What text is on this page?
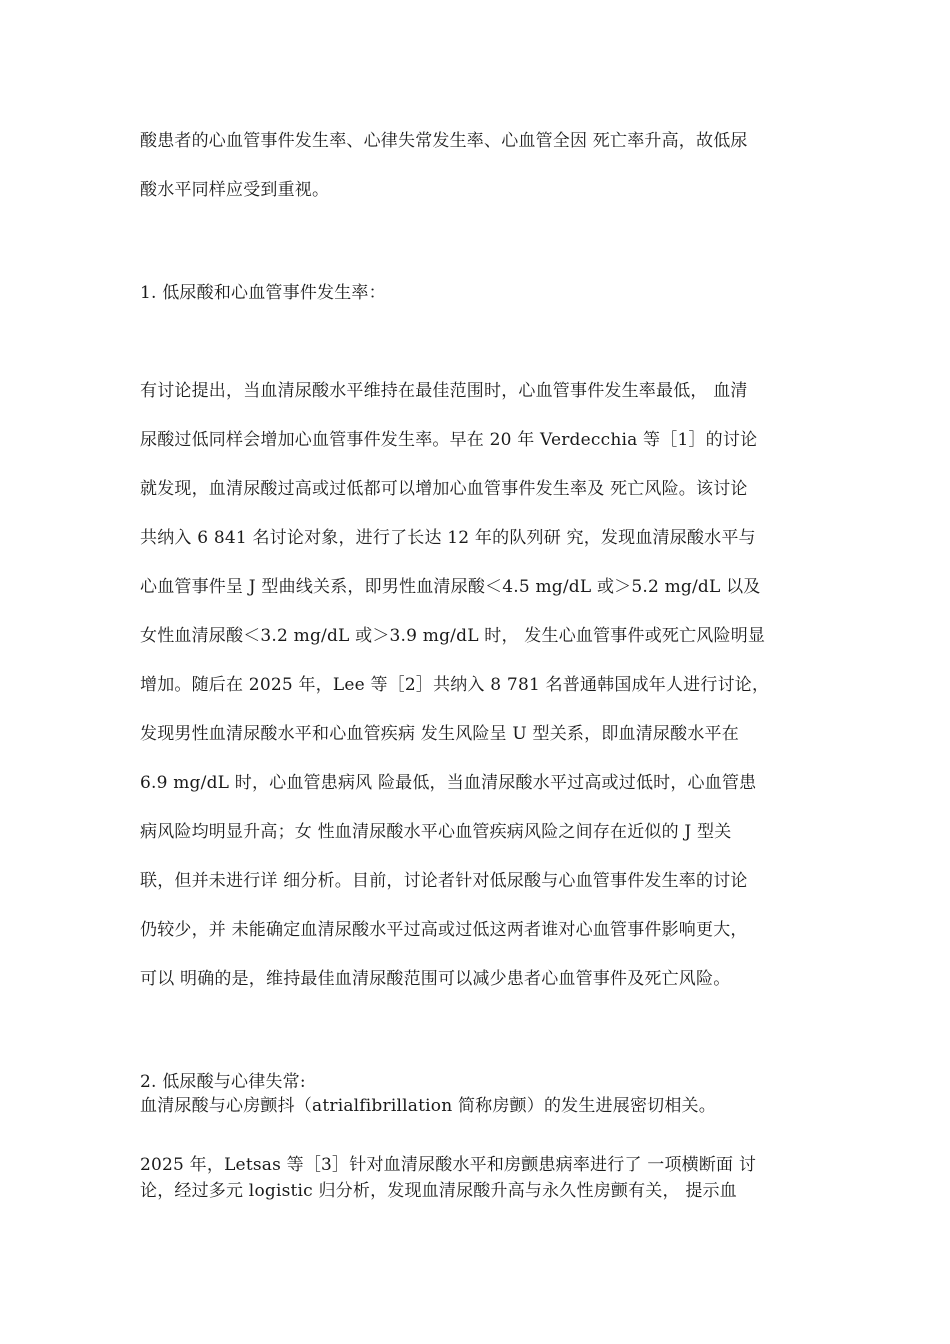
酸患者的心血管事件发生率、心律失常发生率、心血管全因 死亡率升高，故低尿
酸水平同样应受到重视。
1. 低尿酸和心血管事件发生率：
有讨论提出，当血清尿酸水平维持在最佳范围时，心血管事件发生率最低， 血清
尿酸过低同样会增加心血管事件发生率。早在 20 年 Verdecchia 等［1］的讨论
就发现，血清尿酸过高或过低都可以增加心血管事件发生率及 死亡风险。该讨论
共纳入 6 841 名讨论对象，进行了长达 12 年的队列研 究，发现血清尿酸水平与
心血管事件呈 J 型曲线关系，即男性血清尿酸＜4.5 mg/dL 或＞5.2 mg/dL 以及
女性血清尿酸＜3.2 mg/dL 或＞3.9 mg/dL 时， 发生心血管事件或死亡风险明显
增加。随后在 2025 年，Lee 等［2］共纳入 8 781 名普通韩国成年人进行讨论，
发现男性血清尿酸水平和心血管疾病 发生风险呈 U 型关系，即血清尿酸水平在
6.9 mg/dL 时，心血管患病风 险最低，当血清尿酸水平过高或过低时，心血管患
病风险均明显升高；女 性血清尿酸水平心血管疾病风险之间存在近似的 J 型关
联，但并未进行详 细分析。目前，讨论者针对低尿酸与心血管事件发生率的讨论
仍较少，并 未能确定血清尿酸水平过高或过低这两者谁对心血管事件影响更大，
可以 明确的是，维持最佳血清尿酸范围可以减少患者心血管事件及死亡风险。
2. 低尿酸与心律失常:
血清尿酸与心房颤抖（atrialfibrillation 简称房颤）的发生进展密切相关。
2025 年，Letsas 等［3］针对血清尿酸水平和房颤患病率进行了 一项横断面 讨
论，经过多元 logistic 归分析，发现血清尿酸升高与永久性房颤有关， 提示血
